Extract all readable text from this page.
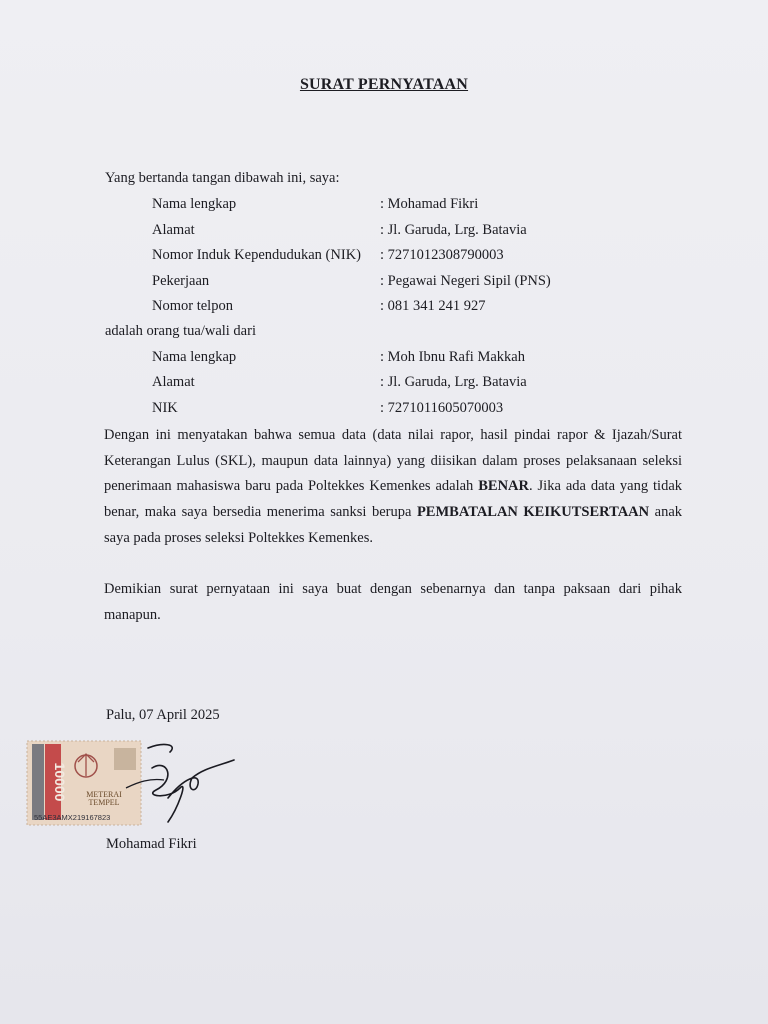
SURAT PERNYATAAN
Yang bertanda tangan dibawah ini, saya:
Nama lengkap	: Mohamad Fikri
Alamat	: Jl. Garuda, Lrg. Batavia
Nomor Induk Kependudukan (NIK) : 7271012308790003
Pekerjaan	: Pegawai Negeri Sipil (PNS)
Nomor telpon	: 081 341 241 927
adalah orang tua/wali dari
Nama lengkap	: Moh Ibnu Rafi Makkah
Alamat	: Jl. Garuda, Lrg. Batavia
NIK	: 7271011605070003
Dengan ini menyatakan bahwa semua data (data nilai rapor, hasil pindai rapor & Ijazah/Surat Keterangan Lulus (SKL), maupun data lainnya) yang diisikan dalam proses pelaksanaan seleksi penerimaan mahasiswa baru pada Poltekkes Kemenkes adalah BENAR. Jika ada data yang tidak benar, maka saya bersedia menerima sanksi berupa PEMBATALAN KEIKUTSERTAAN anak saya pada proses seleksi Poltekkes Kemenkes.
Demikian surat pernyataan ini saya buat dengan sebenarnya dan tanpa paksaan dari pihak manapun.
Palu, 07 April 2025
10000 METERAI
TEMPEL
55AE3AMX219167823
Mohamad Fikri
